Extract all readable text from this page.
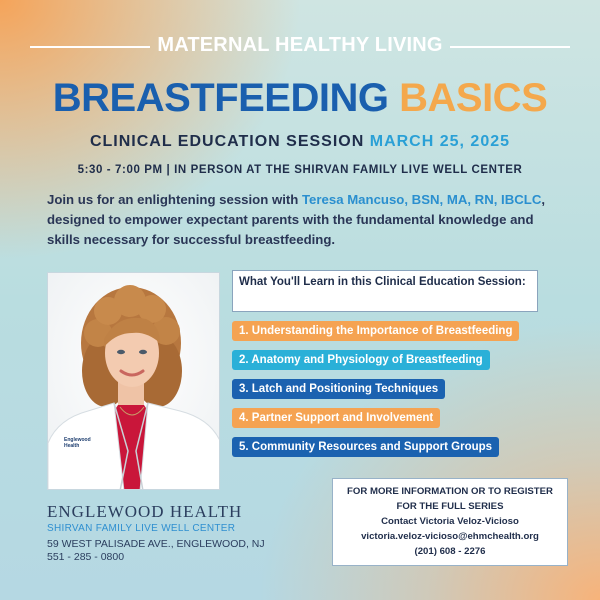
MATERNAL HEALTHY LIVING
BREASTFEEDING BASICS
CLINICAL EDUCATION SESSION MARCH 25, 2025
5:30 - 7:00 PM | IN PERSON AT THE SHIRVAN FAMILY LIVE WELL CENTER

Join us for an enlightening session with Teresa Mancuso, BSN, MA, RN, IBCLC, designed to empower expectant parents with the fundamental knowledge and skills necessary for successful breastfeeding.

Englewood
Health
What You'll Learn in this Clinical Education Session:
1. Understanding the Importance of Breastfeeding
2. Anatomy and Physiology of Breastfeeding
3. Latch and Positioning Techniques
4. Partner Support and Involvement
5. Community Resources and Support Groups
ENGLEWOOD HEALTH
SHIRVAN FAMILY LIVE WELL CENTER
59 WEST PALISADE AVE., ENGLEWOOD, NJ
551 - 285 - 0800
FOR MORE INFORMATION OR TO REGISTER
FOR THE FULL SERIES
Contact Victoria Veloz-Vicioso
victoria.veloz-vicioso@ehmchealth.org
(201) 608 - 2276
